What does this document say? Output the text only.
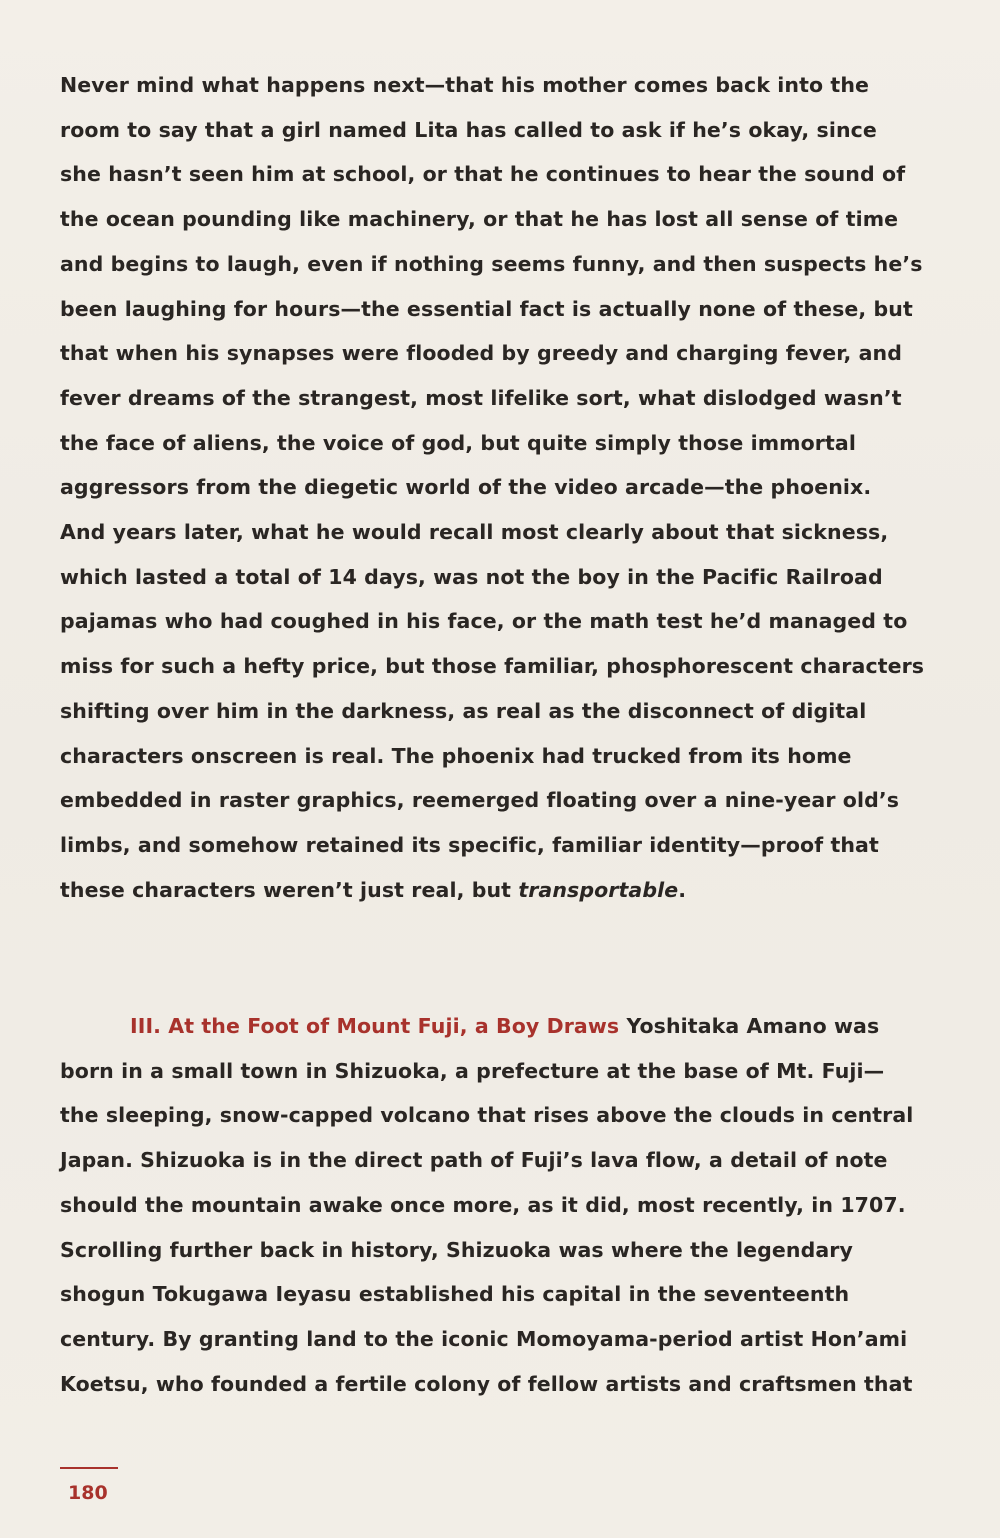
Never mind what happens next—that his mother comes back into the
room to say that a girl named Lita has called to ask if he’s okay, since
she hasn’t seen him at school, or that he continues to hear the sound of
the ocean pounding like machinery, or that he has lost all sense of time
and begins to laugh, even if nothing seems funny, and then suspects he’s
been laughing for hours—the essential fact is actually none of these, but
that when his synapses were flooded by greedy and charging fever, and
fever dreams of the strangest, most lifelike sort, what dislodged wasn’t
the face of aliens, the voice of god, but quite simply those immortal
aggressors from the diegetic world of the video arcade—the phoenix.
And years later, what he would recall most clearly about that sickness,
which lasted a total of 14 days, was not the boy in the Pacific Railroad
pajamas who had coughed in his face, or the math test he’d managed to
miss for such a hefty price, but those familiar, phosphorescent characters
shifting over him in the darkness, as real as the disconnect of digital
characters onscreen is real. The phoenix had trucked from its home
embedded in raster graphics, reemerged floating over a nine-year old’s
limbs, and somehow retained its specific, familiar identity—proof that
these characters weren’t just real, but transportable.
III. At the Foot of Mount Fuji, a Boy Draws Yoshitaka Amano was
born in a small town in Shizuoka, a prefecture at the base of Mt. Fuji—
the sleeping, snow-capped volcano that rises above the clouds in central
Japan. Shizuoka is in the direct path of Fuji’s lava flow, a detail of note
should the mountain awake once more, as it did, most recently, in 1707.
Scrolling further back in history, Shizuoka was where the legendary
shogun Tokugawa Ieyasu established his capital in the seventeenth
century. By granting land to the iconic Momoyama-period artist Hon’ami
Koetsu, who founded a fertile colony of fellow artists and craftsmen that
180
